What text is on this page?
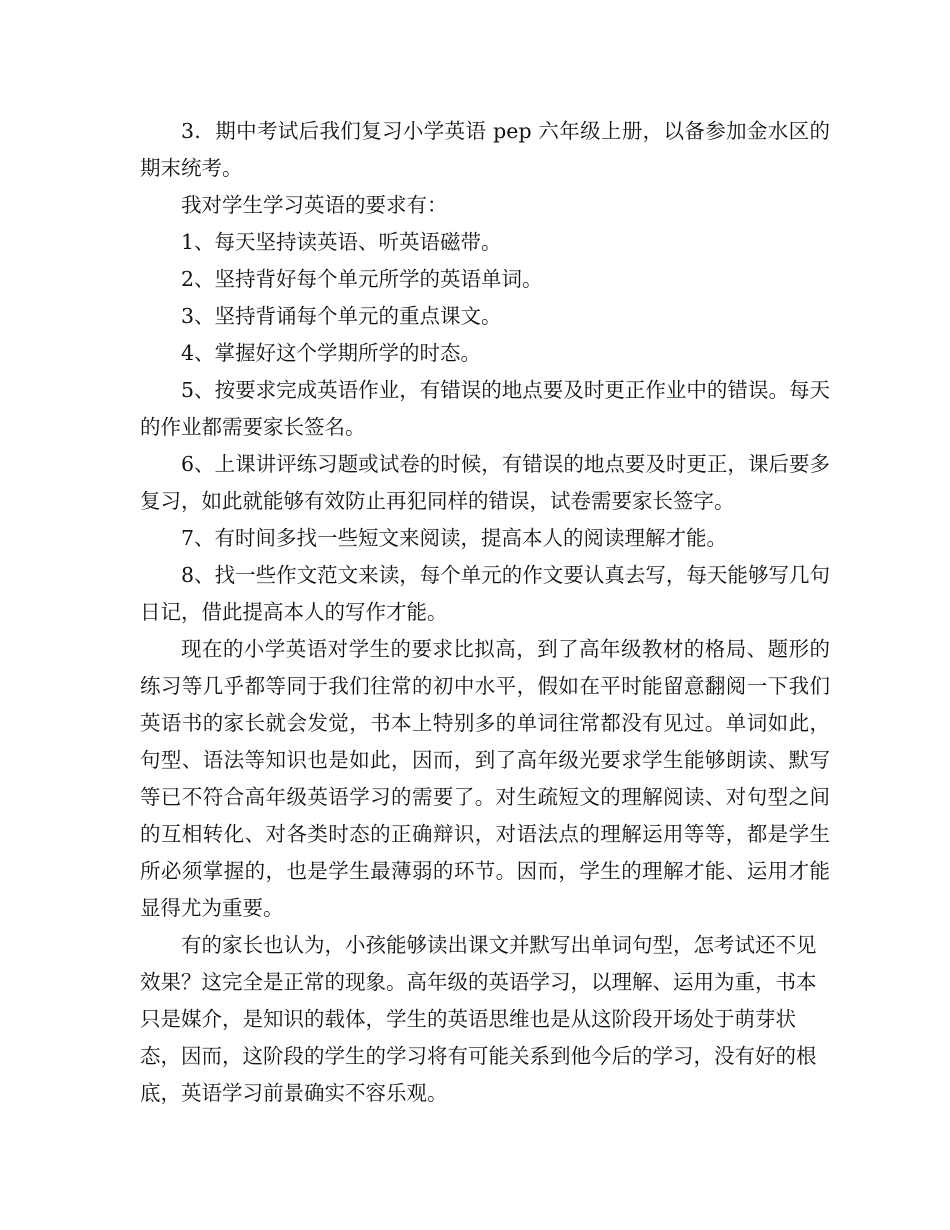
3．期中考试后我们复习小学英语 pep 六年级上册，以备参加金水区的期末统考。

我对学生学习英语的要求有：

1、每天坚持读英语、听英语磁带。

2、坚持背好每个单元所学的英语单词。

3、坚持背诵每个单元的重点课文。

4、掌握好这个学期所学的时态。

5、按要求完成英语作业，有错误的地点要及时更正作业中的错误。每天的作业都需要家长签名。

6、上课讲评练习题或试卷的时候，有错误的地点要及时更正，课后要多复习，如此就能够有效防止再犯同样的错误，试卷需要家长签字。

7、有时间多找一些短文来阅读，提高本人的阅读理解才能。

8、找一些作文范文来读，每个单元的作文要认真去写，每天能够写几句日记，借此提高本人的写作才能。

现在的小学英语对学生的要求比拟高，到了高年级教材的格局、题形的练习等几乎都等同于我们往常的初中水平，假如在平时能留意翻阅一下我们英语书的家长就会发觉，书本上特别多的单词往常都没有见过。单词如此，句型、语法等知识也是如此，因而，到了高年级光要求学生能够朗读、默写等已不符合高年级英语学习的需要了。对生疏短文的理解阅读、对句型之间的互相转化、对各类时态的正确辩识，对语法点的理解运用等等，都是学生所必须掌握的，也是学生最薄弱的环节。因而，学生的理解才能、运用才能显得尤为重要。

有的家长也认为，小孩能够读出课文并默写出单词句型，怎考试还不见效果？这完全是正常的现象。高年级的英语学习，以理解、运用为重，书本只是媒介，是知识的载体，学生的英语思维也是从这阶段开场处于萌芽状态，因而，这阶段的学生的学习将有可能关系到他今后的学习，没有好的根底，英语学习前景确实不容乐观。
